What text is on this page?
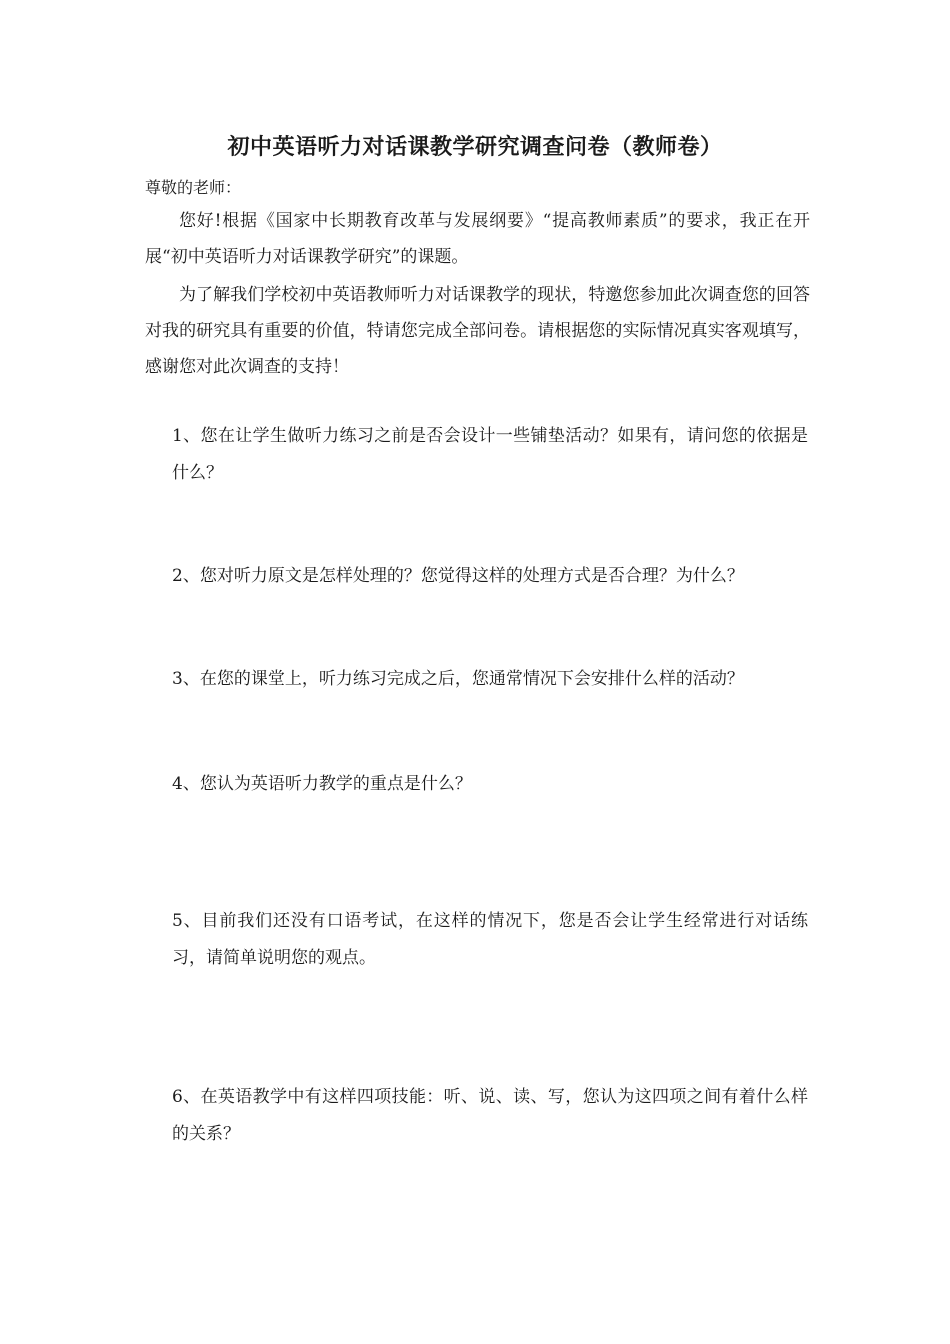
初中英语听力对话课教学研究调查问卷（教师卷）
尊敬的老师：
您好!根据《国家中长期教育改革与发展纲要》“提高教师素质”的要求，我正在开展“初中英语听力对话课教学研究”的课题。
为了解我们学校初中英语教师听力对话课教学的现状，特邀您参加此次调查您的回答对我的研究具有重要的价值，特请您完成全部问卷。请根据您的实际情况真实客观填写，感谢您对此次调查的支持！
1、您在让学生做听力练习之前是否会设计一些铺垫活动？如果有，请问您的依据是什么？
2、您对听力原文是怎样处理的？您觉得这样的处理方式是否合理？为什么？
3、在您的课堂上，听力练习完成之后，您通常情况下会安排什么样的活动？
4、您认为英语听力教学的重点是什么？
5、目前我们还没有口语考试，在这样的情况下，您是否会让学生经常进行对话练习，请简单说明您的观点。
6、在英语教学中有这样四项技能：听、说、读、写，您认为这四项之间有着什么样的关系？
